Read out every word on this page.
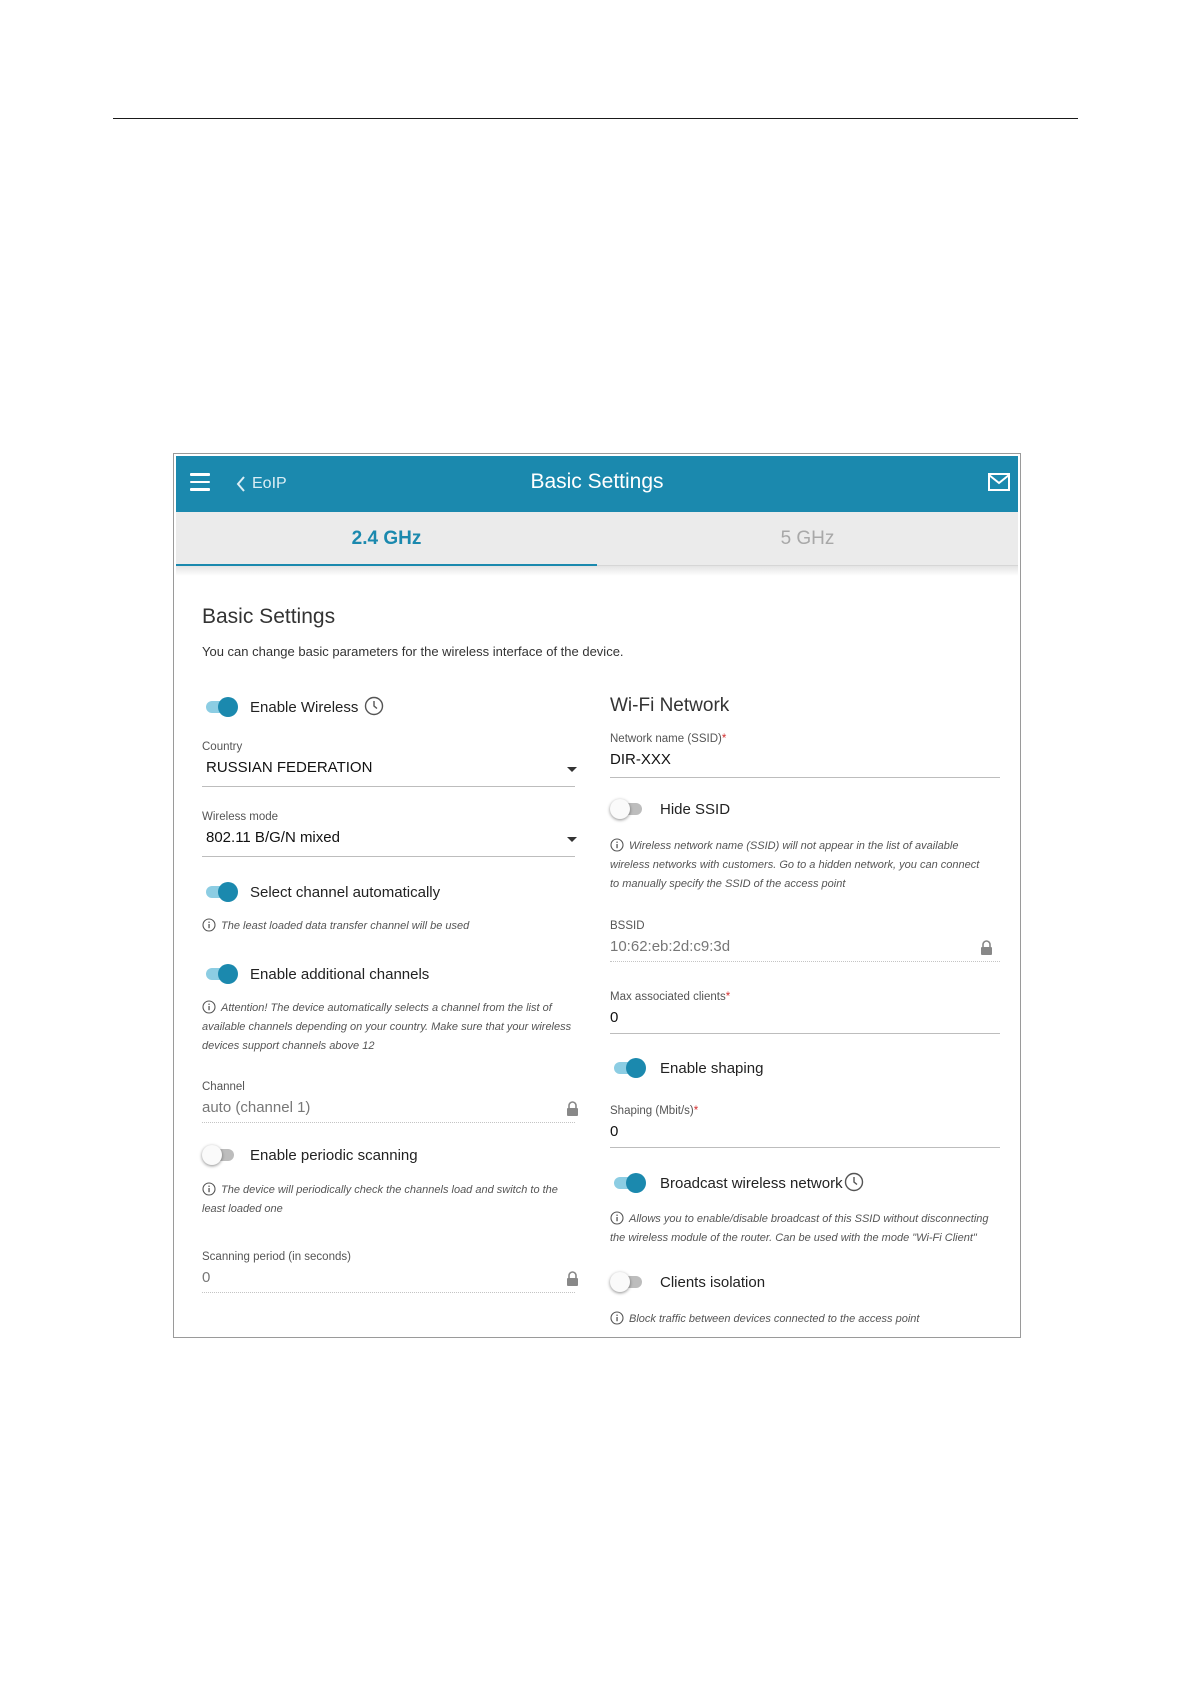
EoIP	Basic Settings
2.4 GHz	5 GHz
Basic Settings
You can change basic parameters for the wireless interface of the device.
Enable Wireless
Country
RUSSIAN FEDERATION
Wireless mode
802.11 B/G/N mixed
Select channel automatically
The least loaded data transfer channel will be used
Enable additional channels
Attention! The device automatically selects a channel from the list of
available channels depending on your country. Make sure that your wireless
devices support channels above 12
Channel
auto (channel 1)
Enable periodic scanning
The device will periodically check the channels load and switch to the
least loaded one
Scanning period (in seconds)
0
Wi-Fi Network
Network name (SSID)*
DIR-XXX
Hide SSID
Wireless network name (SSID) will not appear in the list of available
wireless networks with customers. Go to a hidden network, you can connect
to manually specify the SSID of the access point
BSSID
10:62:eb:2d:c9:3d
Max associated clients*
0
Enable shaping
Shaping (Mbit/s)*
0
Broadcast wireless network
Allows you to enable/disable broadcast of this SSID without disconnecting
the wireless module of the router. Can be used with the mode "Wi-Fi Client"
Clients isolation
Block traffic between devices connected to the access point
